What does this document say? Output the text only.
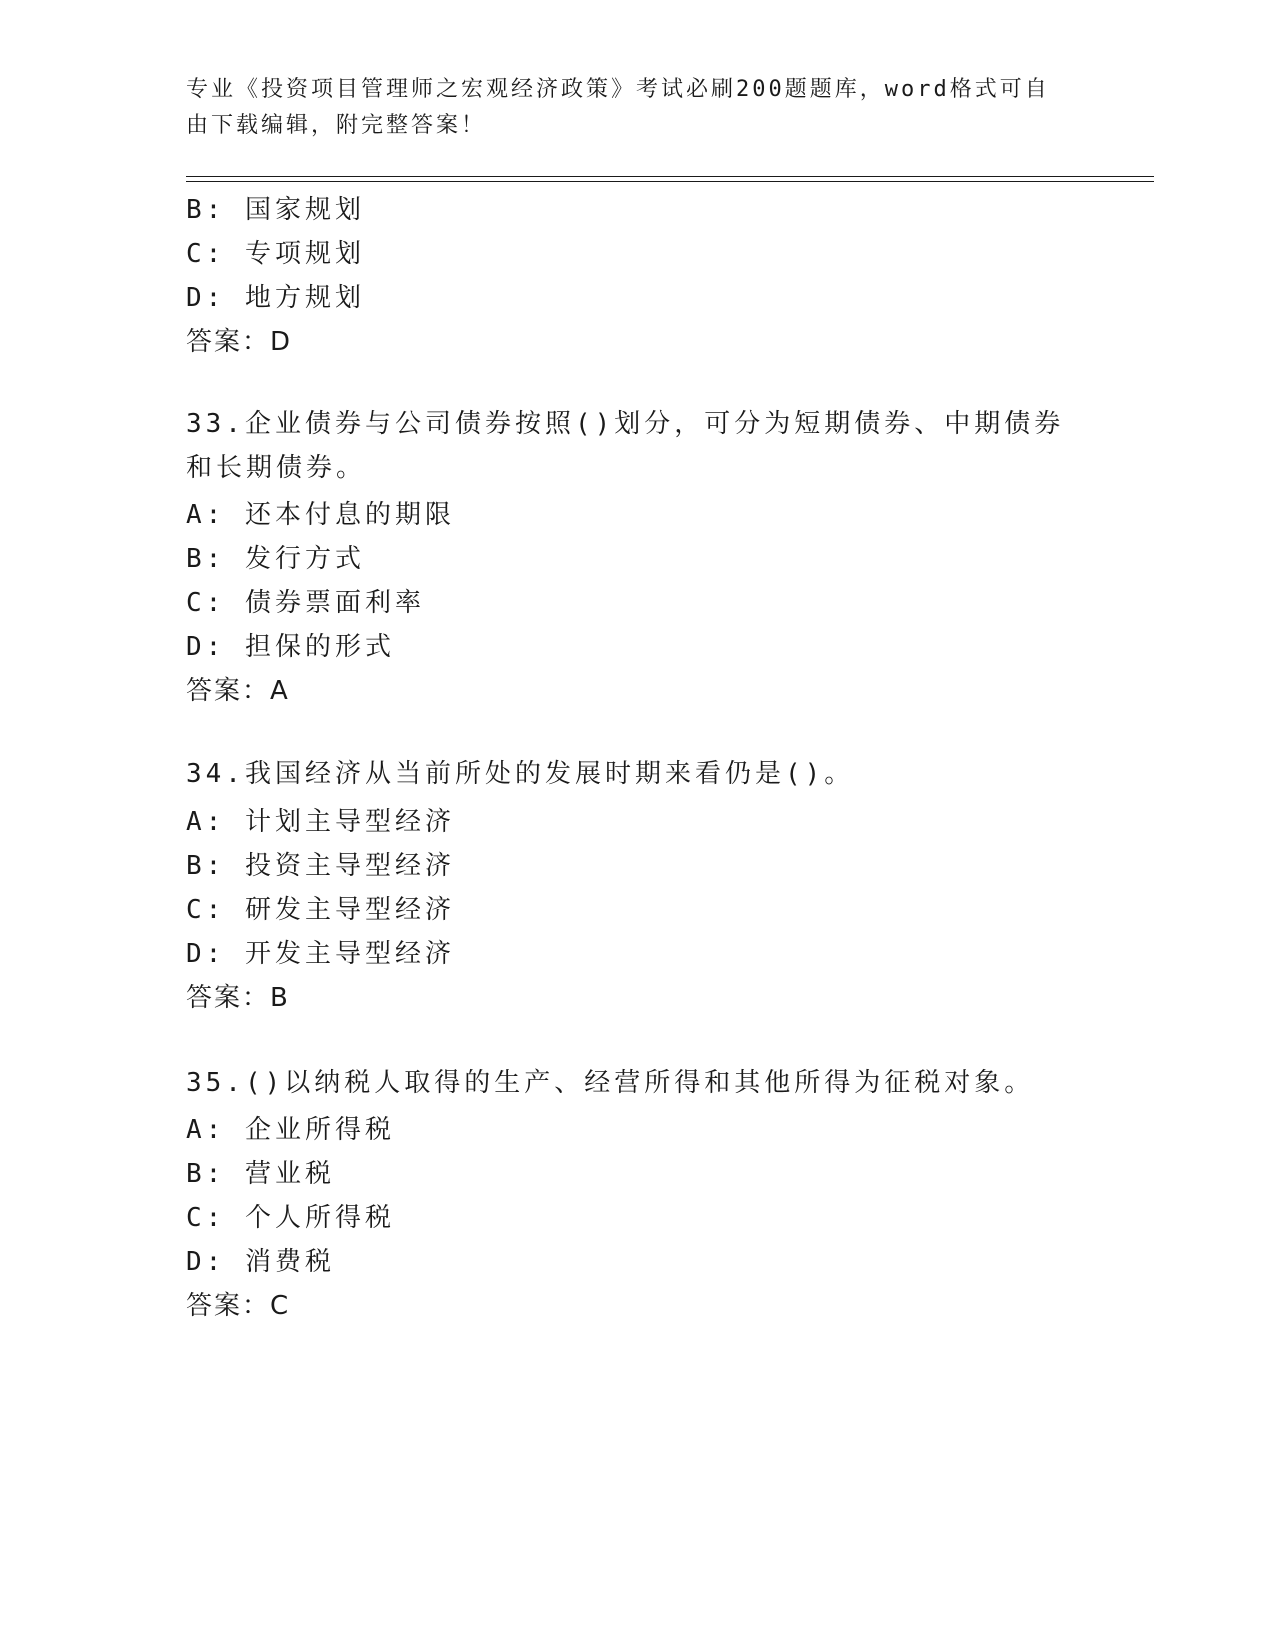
专业《投资项目管理师之宏观经济政策》考试必刷200题题库，word格式可自由下载编辑，附完整答案！
B: 国家规划
C: 专项规划
D: 地方规划
答案：D
33.企业债券与公司债券按照()划分，可分为短期债券、中期债券和长期债券。
A: 还本付息的期限
B: 发行方式
C: 债券票面利率
D: 担保的形式
答案：A
34.我国经济从当前所处的发展时期来看仍是()。
A: 计划主导型经济
B: 投资主导型经济
C: 研发主导型经济
D: 开发主导型经济
答案：B
35.()以纳税人取得的生产、经营所得和其他所得为征税对象。
A: 企业所得税
B: 营业税
C: 个人所得税
D: 消费税
答案：C
